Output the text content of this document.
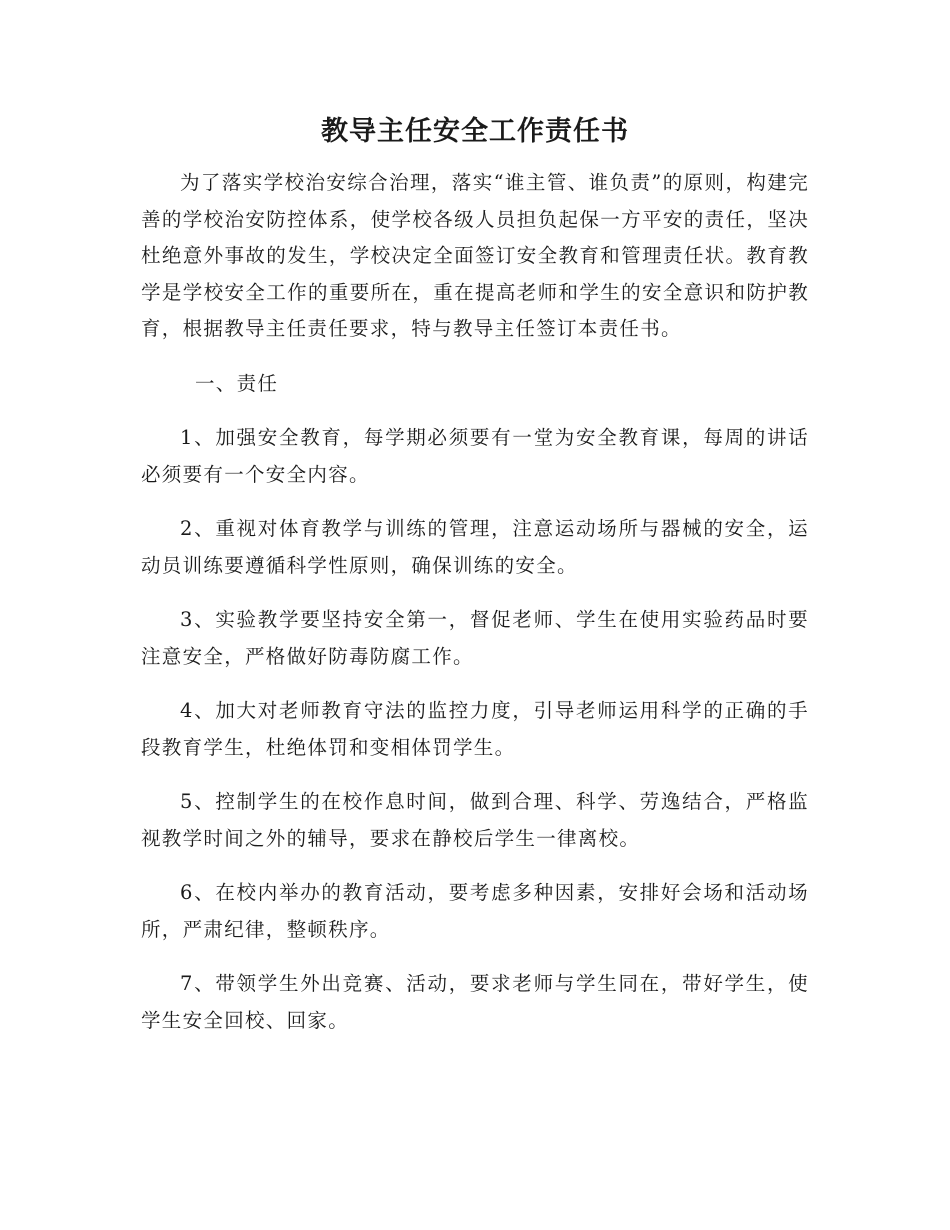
教导主任安全工作责任书

为了落实学校治安综合治理，落实“谁主管、谁负责”的原则，构建完善的学校治安防控体系，使学校各级人员担负起保一方平安的责任，坚决杜绝意外事故的发生，学校决定全面签订安全教育和管理责任状。教育教学是学校安全工作的重要所在，重在提高老师和学生的安全意识和防护教育，根据教导主任责任要求，特与教导主任签订本责任书。

一、责任

1、加强安全教育，每学期必须要有一堂为安全教育课，每周的讲话必须要有一个安全内容。

2、重视对体育教学与训练的管理，注意运动场所与器械的安全，运动员训练要遵循科学性原则，确保训练的安全。

3、实验教学要坚持安全第一，督促老师、学生在使用实验药品时要注意安全，严格做好防毒防腐工作。

4、加大对老师教育守法的监控力度，引导老师运用科学的正确的手段教育学生，杜绝体罚和变相体罚学生。

5、控制学生的在校作息时间，做到合理、科学、劳逸结合，严格监视教学时间之外的辅导，要求在静校后学生一律离校。

6、在校内举办的教育活动，要考虑多种因素，安排好会场和活动场所，严肃纪律，整顿秩序。

7、带领学生外出竞赛、活动，要求老师与学生同在，带好学生，使学生安全回校、回家。
